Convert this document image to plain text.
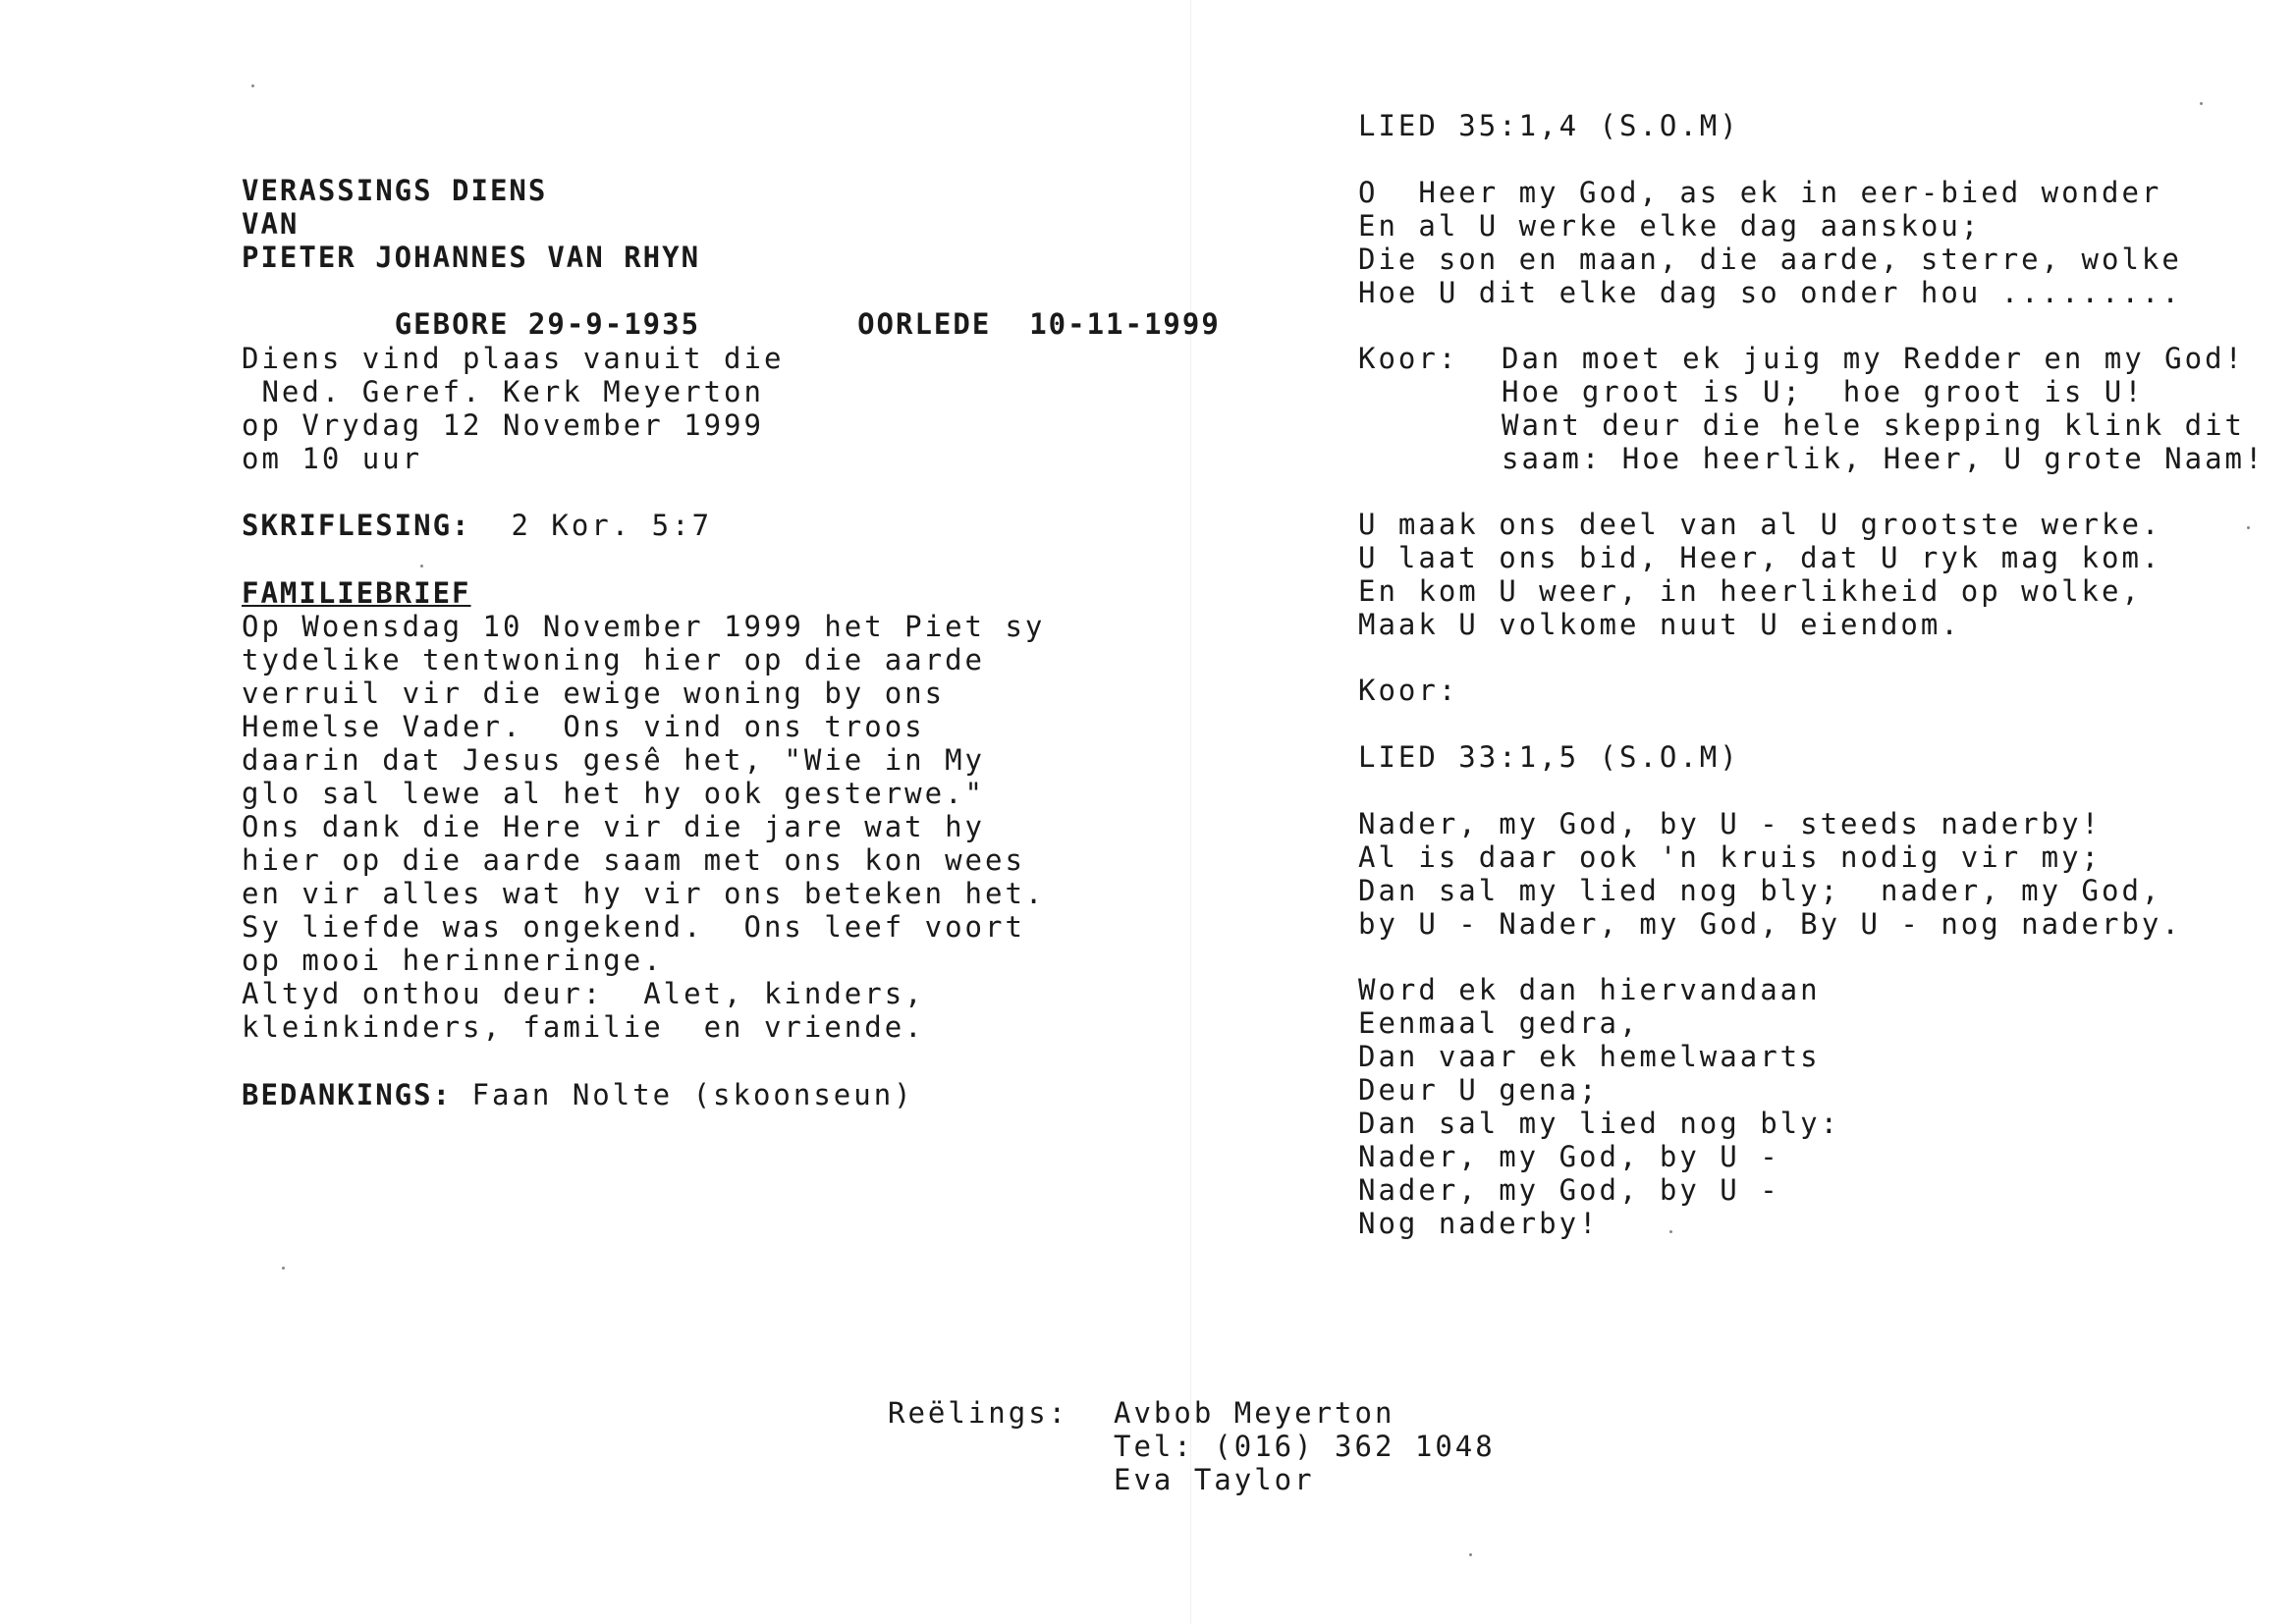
VERASSINGS DIENS
VAN
PIETER JOHANNES VAN RHYN

GEBORE 29-9-1935	OORLEDE 10-11-1999

Diens vind plaas vanuit die
Ned. Geref. Kerk Meyerton
op Vrydag 12 November 1999
om 10 uur
SKRIFLESING: 2 Kor. 5:7
FAMILIEBRIEF
Op Woensdag 10 November 1999 het Piet sy
tydelike tentwoning hier op die aarde
verruil vir die ewige woning by ons
Hemelse Vader.  Ons vind ons troos
daarin dat Jesus gesê het, "Wie in My
glo sal lewe al het hy ook gesterwe."
Ons dank die Here vir die jare wat hy
hier op die aarde saam met ons kon wees
en vir alles wat hy vir ons beteken het.
Sy liefde was ongekend.  Ons leef voort
op mooi herinneringe.
Altyd onthou deur:  Alet, kinders,
kleinkinders, familie  en vriende.
BEDANKINGS: Faan Nolte (skoonseun)
LIED 35:1,4 (S.O.M)
O  Heer my God, as ek in eer-bied wonder
En al U werke elke dag aanskou;
Die son en maan, die aarde, sterre, wolke
Hoe U dit elke dag so onder hou .........
Koor:	Dan moet ek juig my Redder en my God!
Hoe groot is U;  hoe groot is U!
Want deur die hele skepping klink dit
saam: Hoe heerlik, Heer, U grote Naam!
U maak ons deel van al U grootste werke.
U laat ons bid, Heer, dat U ryk mag kom.
En kom U weer, in heerlikheid op wolke,
Maak U volkome nuut U eiendom.
Koor:
LIED 33:1,5 (S.O.M)
Nader, my God, by U - steeds naderby!
Al is daar ook 'n kruis nodig vir my;
Dan sal my lied nog bly;  nader, my God,
by U - Nader, my God, By U - nog naderby.
Word ek dan hiervandaan
Eenmaal gedra,
Dan vaar ek hemelwaarts
Deur U gena;
Dan sal my lied nog bly:
Nader, my God, by U -
Nader, my God, by U -
Nog naderby!
Reëlings:	Avbob Meyerton
Tel: (016) 362 1048
Eva Taylor
